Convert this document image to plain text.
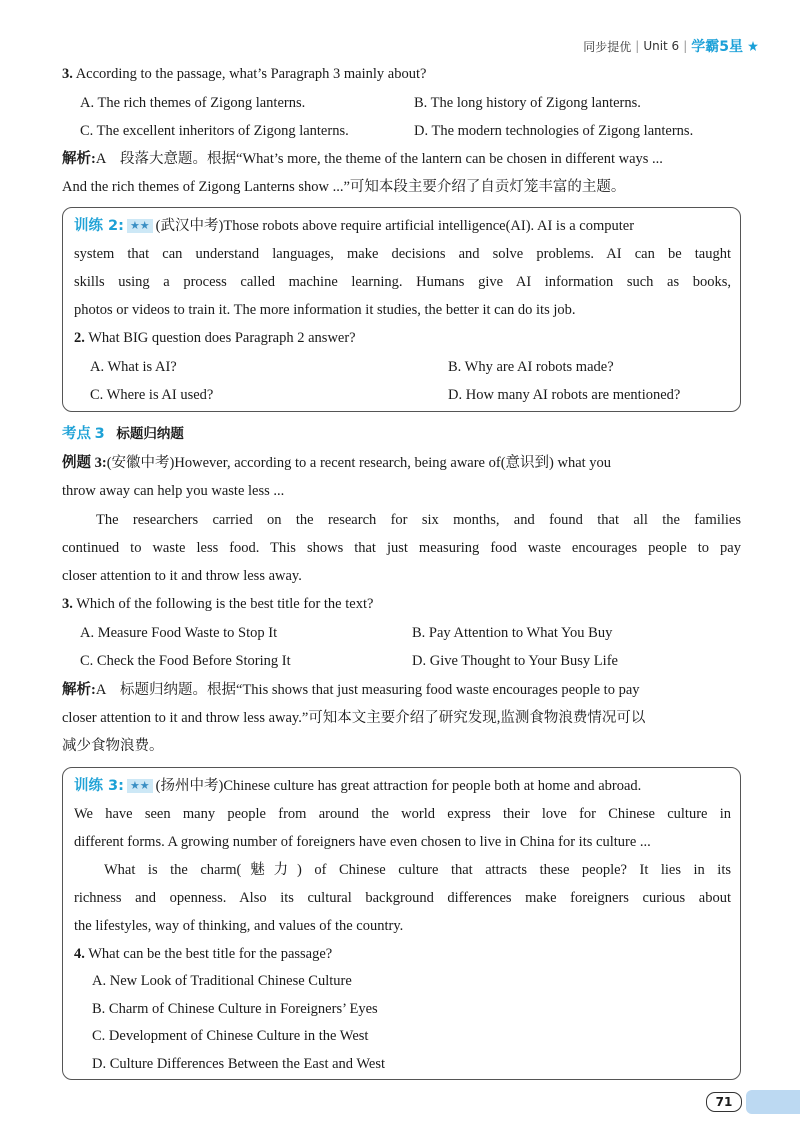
同步提优 | Unit 6 | 学霸5星
3. According to the passage, what’s Paragraph 3 mainly about?
A. The rich themes of Zigong lanterns.	B. The long history of Zigong lanterns.
C. The excellent inheritors of Zigong lanterns.	D. The modern technologies of Zigong lanterns.
解析:A　段落大意题。根据“What’s more, the theme of the lantern can be chosen in different ways ...
And the rich themes of Zigong Lanterns show ...”可知本段主要介绍了自贡灯笼丰富的主题。
训练 2: ★★ (武汉中考)Those robots above require artificial intelligence(AI). AI is a computer
system that can understand languages, make decisions and solve problems. AI can be taught
skills using a process called machine learning. Humans give AI information such as books,
photos or videos to train it. The more information it studies, the better it can do its job.
2. What BIG question does Paragraph 2 answer?
A. What is AI?	B. Why are AI robots made?
C. Where is AI used?	D. How many AI robots are mentioned?
考点 3 标题归纳题
例题 3:(安徽中考)However, according to a recent research, being aware of(意识到) what you
throw away can help you waste less ...
The researchers carried on the research for six months, and found that all the families
continued to waste less food. This shows that just measuring food waste encourages people to pay
closer attention to it and throw less away.
3. Which of the following is the best title for the text?
A. Measure Food Waste to Stop It	B. Pay Attention to What You Buy
C. Check the Food Before Storing It	D. Give Thought to Your Busy Life
解析:A　标题归纳题。根据“This shows that just measuring food waste encourages people to pay
closer attention to it and throw less away.”可知本文主要介绍了研究发现,监测食物浪费情况可以
减少食物浪费。
训练 3: ★★ (扬州中考)Chinese culture has great attraction for people both at home and abroad.
We have seen many people from around the world express their love for Chinese culture in
different forms. A growing number of foreigners have even chosen to live in China for its culture ...
What is the charm(魅力) of Chinese culture that attracts these people? It lies in its
richness and openness. Also its cultural background differences make foreigners curious about
the lifestyles, way of thinking, and values of the country.
4. What can be the best title for the passage?
A. New Look of Traditional Chinese Culture
B. Charm of Chinese Culture in Foreigners’ Eyes
C. Development of Chinese Culture in the West
D. Culture Differences Between the East and West
71
